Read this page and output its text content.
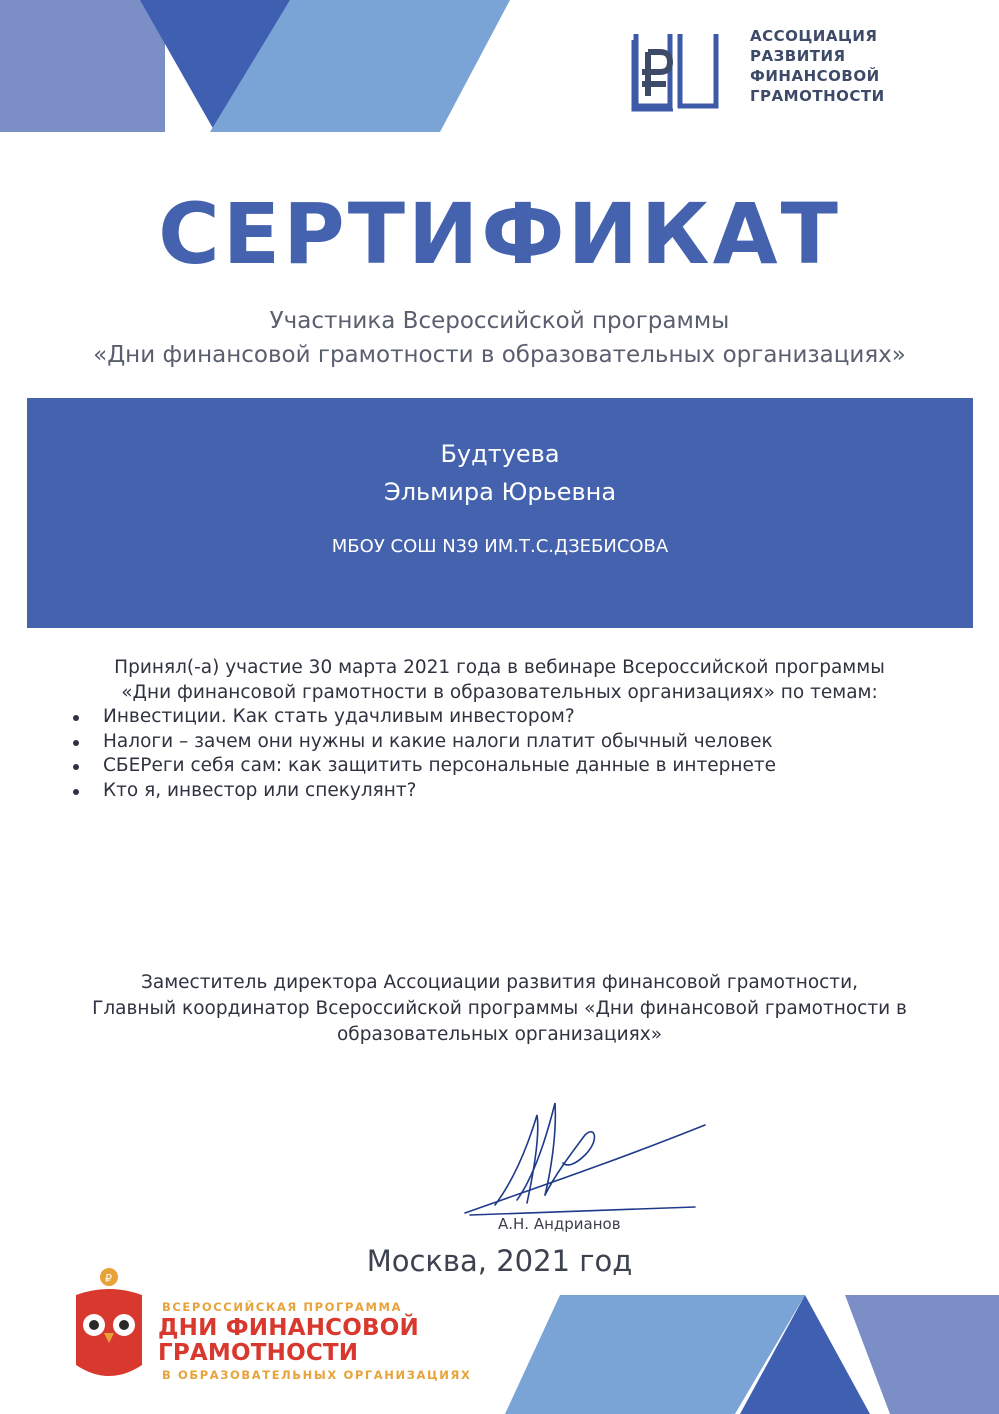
АССОЦИАЦИЯ
РАЗВИТИЯ
ФИНАНСОВОЙ
ГРАМОТНОСТИ
СЕРТИФИКАТ
Участника Всероссийской программы
«Дни финансовой грамотности в образовательных организациях»
Будтуева
Эльмира Юрьевна
МБОУ СОШ N39 ИМ.Т.С.ДЗЕБИСОВА
Принял(-а) участие 30 марта 2021 года в вебинаре Всероссийской программы
«Дни финансовой грамотности в образовательных организациях» по темам:
Инвестиции. Как стать удачливым инвестором?
Налоги – зачем они нужны и какие налоги платит обычный человек
СБЕРеги себя сам: как защитить персональные данные в интернете
Кто я, инвестор или спекулянт?
Заместитель директора Ассоциации развития финансовой грамотности,
Главный координатор Всероссийской программы «Дни финансовой грамотности в
образовательных организациях»
А.Н. Андрианов
Москва, 2021 год
₽
ВСЕРОССИЙСКАЯ ПРОГРАММА
ДНИ ФИНАНСОВОЙ
ГРАМОТНОСТИ
В ОБРАЗОВАТЕЛЬНЫХ ОРГАНИЗАЦИЯХ
